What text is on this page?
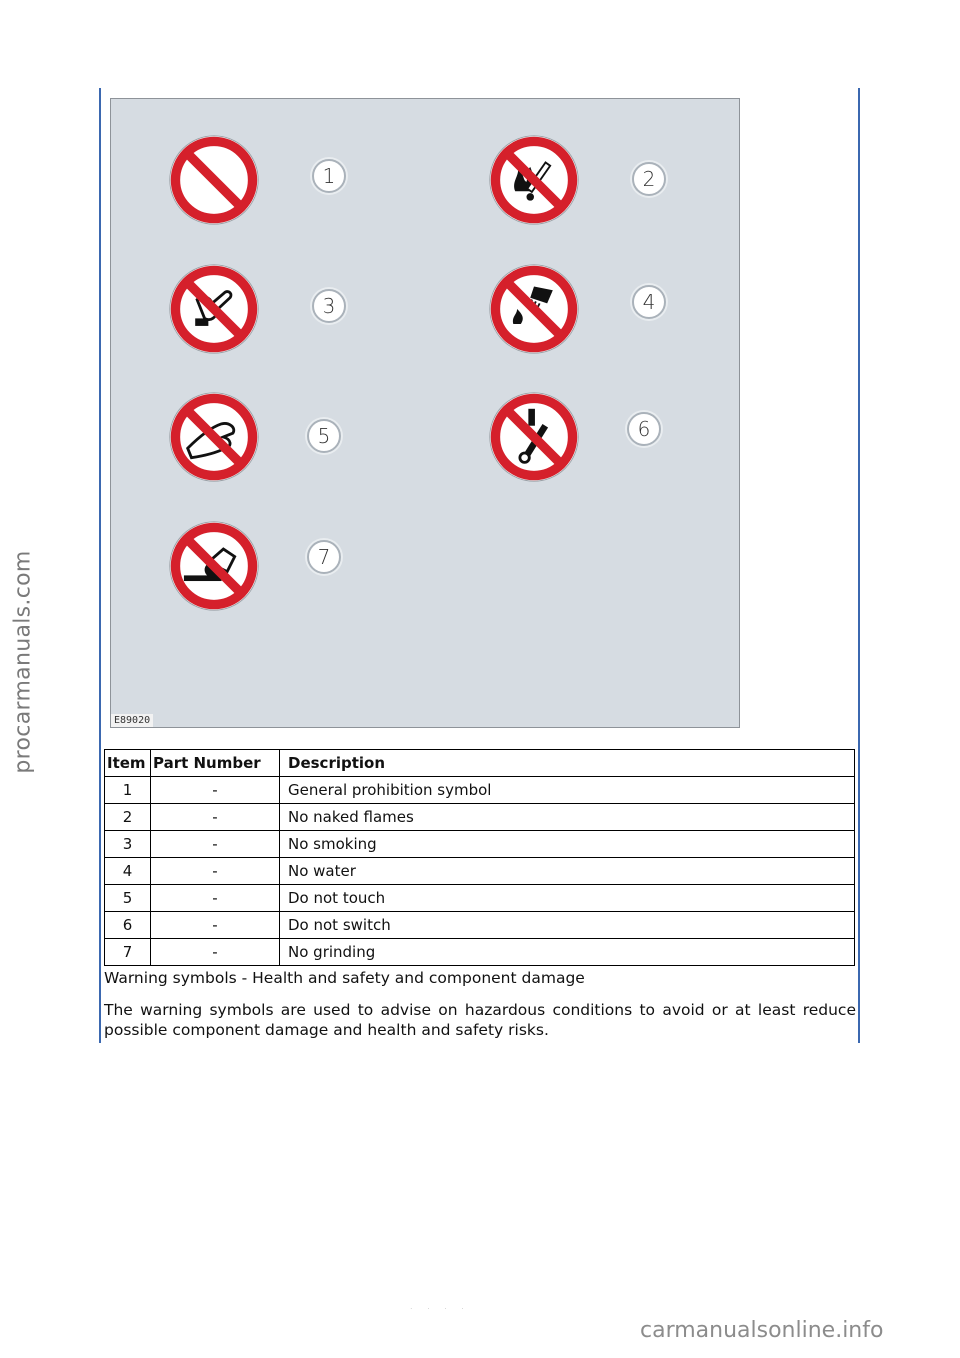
procarmanuals.com
1	2
3	4
5	6
7
E89020
Item	Part Number	Description
1	-	General prohibition symbol
2	-	No naked flames
3	-	No smoking
4	-	No water
5	-	Do not touch
6	-	Do not switch
7	-	No grinding
Warning symbols - Health and safety and component damage
The warning symbols are used to advise on hazardous conditions to avoid or at least reduce possible component damage and health and safety risks.
. . . .
carmanualsonline.info
